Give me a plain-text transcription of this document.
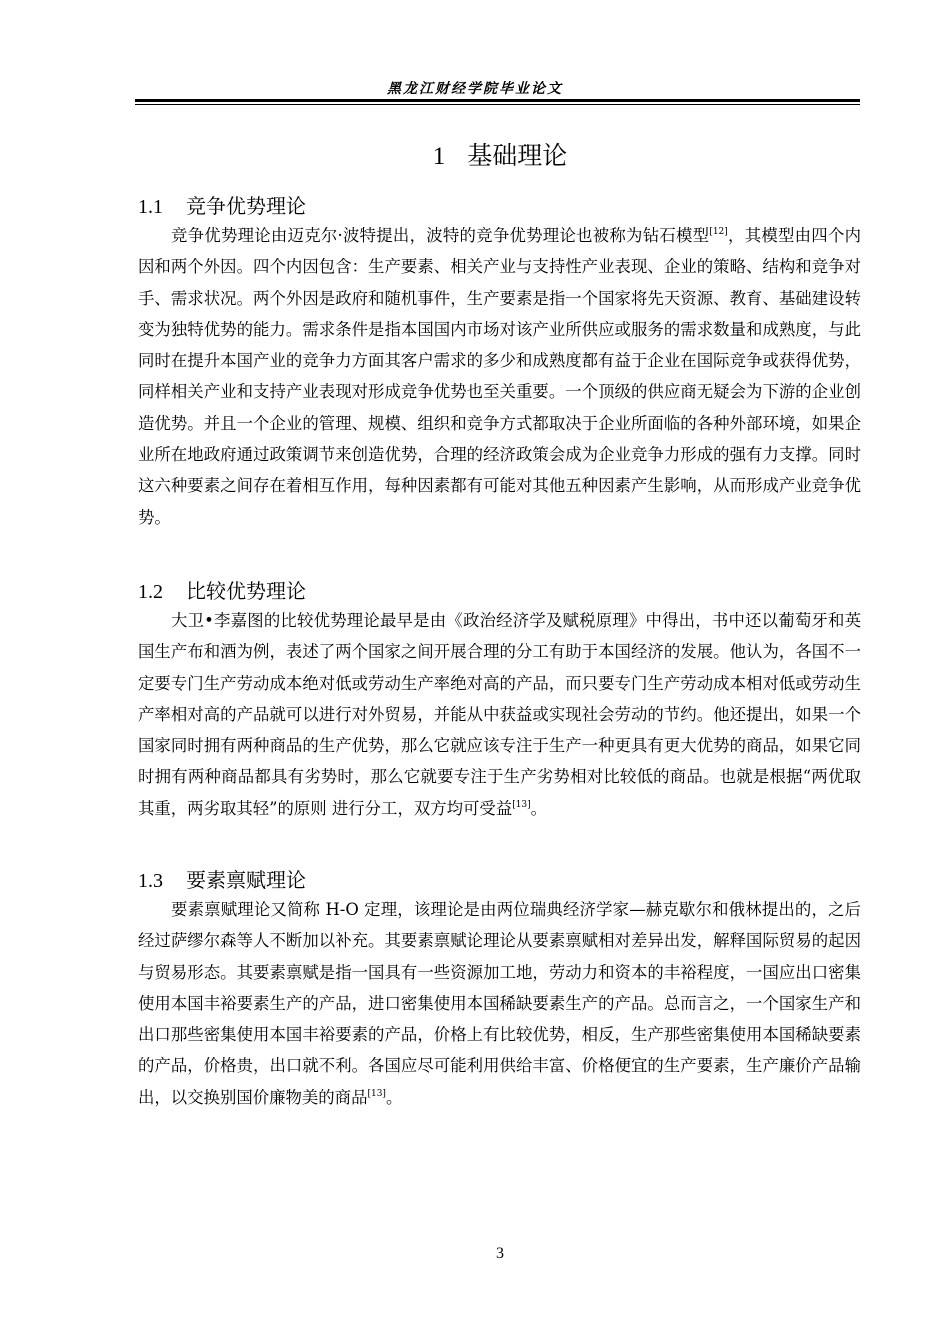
黑龙江财经学院毕业论文
1 基础理论
1.1 竞争优势理论

竞争优势理论由迈克尔·波特提出，波特的竞争优势理论也被称为钻石模型[12]，其模型由四个内因和两个外因。四个内因包含：生产要素、相关产业与支持性产业表现、企业的策略、结构和竞争对手、需求状况。两个外因是政府和随机事件，生产要素是指一个国家将先天资源、教育、基础建设转变为独特优势的能力。需求条件是指本国国内市场对该产业所供应或服务的需求数量和成熟度，与此同时在提升本国产业的竞争力方面其客户需求的多少和成熟度都有益于企业在国际竞争或获得优势，同样相关产业和支持产业表现对形成竞争优势也至关重要。一个顶级的供应商无疑会为下游的企业创造优势。并且一个企业的管理、规模、组织和竞争方式都取决于企业所面临的各种外部环境，如果企业所在地政府通过政策调节来创造优势，合理的经济政策会成为企业竞争力形成的强有力支撑。同时这六种要素之间存在着相互作用，每种因素都有可能对其他五种因素产生影响，从而形成产业竞争优势。

1.2 比较优势理论

大卫•李嘉图的比较优势理论最早是由《政治经济学及赋税原理》中得出，书中还以葡萄牙和英国生产布和酒为例，表述了两个国家之间开展合理的分工有助于本国经济的发展。他认为，各国不一定要专门生产劳动成本绝对低或劳动生产率绝对高的产品，而只要专门生产劳动成本相对低或劳动生产率相对高的产品就可以进行对外贸易，并能从中获益或实现社会劳动的节约。他还提出，如果一个国家同时拥有两种商品的生产优势，那么它就应该专注于生产一种更具有更大优势的商品，如果它同时拥有两种商品都具有劣势时，那么它就要专注于生产劣势相对比较低的商品。也就是根据“两优取其重，两劣取其轻”的原则 进行分工，双方均可受益[13]。

1.3 要素禀赋理论

要素禀赋理论又简称 H-O 定理，该理论是由两位瑞典经济学家—赫克歇尔和俄林提出的，之后经过萨缪尔森等人不断加以补充。其要素禀赋论理论从要素禀赋相对差异出发，解释国际贸易的起因与贸易形态。其要素禀赋是指一国具有一些资源加工地，劳动力和资本的丰裕程度，一国应出口密集使用本国丰裕要素生产的产品，进口密集使用本国稀缺要素生产的产品。总而言之，一个国家生产和出口那些密集使用本国丰裕要素的产品，价格上有比较优势，相反，生产那些密集使用本国稀缺要素的产品，价格贵，出口就不利。各国应尽可能利用供给丰富、价格便宜的生产要素，生产廉价产品输出，以交换别国价廉物美的商品[13]。

3
